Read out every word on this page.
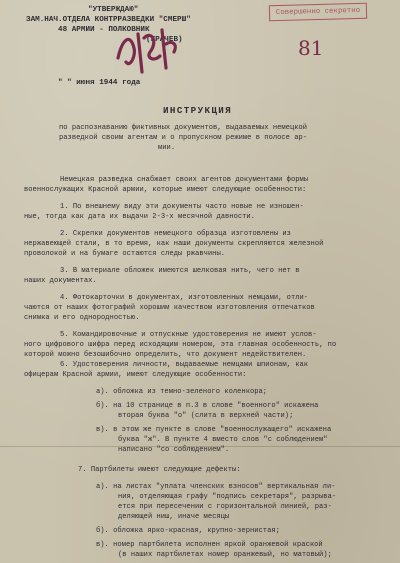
"УТВЕРЖДАЮ"
ЗАМ.НАЧ.ОТДЕЛА КОНТРРАЗВЕДКИ "СМЕРШ"
48 АРМИИ - ПОЛКОВНИК
(ГРАЧЕВ)
" " июня 1944 года
Совершенно секретно
81
ИНСТРУКЦИЯ
по распознаванию фиктивных документов, выдаваемых немецкой
разведкой своим агентам и о пропускном режиме в полосе ар-
мии.
Немецкая разведка снабжает своих агентов документами формы
военнослужащих Красной армии, которые имеют следующие особенности:
1. По внешнему виду эти документы часто новые не изношен-
ные, тогда как дата их выдачи 2-3-х месячной давности.
2. Скрепки документов немецкого образца изготовлены из
нержавеющей стали, в то время, как наши документы скрепляются железной
проволокой и на бумаге остаются следы ржавчины.
3. В материале обложек имеются шелковая нить, чего нет в
наших документах.
4. Фотокарточки в документах, изготовленных немцами, отли-
чаются от наших фотографий хорошим качеством изготовления отпечатков
снимка и его однородностью.
5. Командировочные и отпускные удостоверения не имеют услов-
ного цифрового шифра перед исходящим номером, эта главная особенность, по
которой можно безошибочно определить, что документ недействителен.
6. Удостоверения личности, выдаваемые немцами шпионам, как
офицерам Красной армии, имеют следующие особенности:
а). обложка из темно-зеленого коленкора;
б). на 10 странице в п.3 в слове "военного" искажена
вторая буква "о" (слита в верхней части);
в). в этом же пункте в слове "военнослужащего" искажена
буква "ж". В пункте 4 вместо слов "с соблюдением"
написано "со соблюдением".
7. Партбилеты имеют следующие дефекты:
а). на листах "уплата членских взносов" вертикальная ли-
ния, отделяющая графу "подпись секретаря", разрыва-
ется при пересечении с горизонтальной линией, раз-
деляющей ниш, иначе месяцы
б). обложка ярко-красная, крупно-зернистая;
в). номер партбилета исполнен яркой оранжевой краской
(в наших партбилетах номер оранжевый, но матовый);
